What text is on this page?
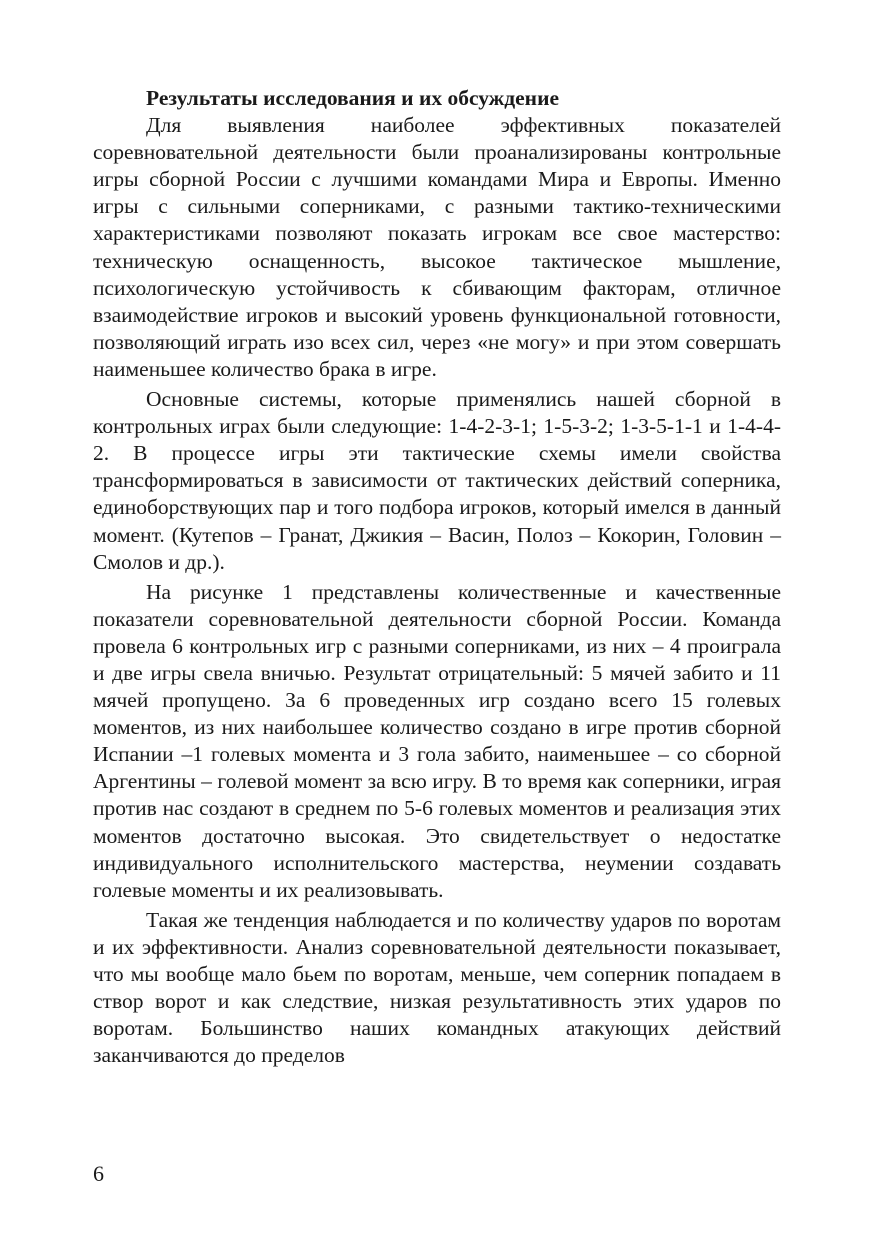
Результаты исследования и их обсуждение

Для выявления наиболее эффективных показателей соревновательной деятельности были проанализированы контрольные игры сборной России с лучшими командами Мира и Европы. Именно игры с сильными соперниками, с разными тактико-техническими характеристиками позволяют показать игрокам все свое мастерство: техническую оснащенность, высокое тактическое мышление, психологическую устойчивость к сбивающим факторам, отличное взаимодействие игроков и высокий уровень функциональной готовности, позволяющий играть изо всех сил, через «не могу» и при этом совершать наименьшее количество брака в игре.

Основные системы, которые применялись нашей сборной в контрольных играх были следующие: 1-4-2-3-1; 1-5-3-2; 1-3-5-1-1 и 1-4-4-2. В процессе игры эти тактические схемы имели свойства трансформироваться в зависимости от тактических действий соперника, единоборствующих пар и того подбора игроков, который имелся в данный момент. (Кутепов – Гранат, Джикия – Васин, Полоз – Кокорин, Головин – Смолов и др.).

На рисунке 1 представлены количественные и качественные показатели соревновательной деятельности сборной России. Команда провела 6 контрольных игр с разными соперниками, из них – 4 проиграла и две игры свела вничью. Результат отрицательный: 5 мячей забито и 11 мячей пропущено. За 6 проведенных игр создано всего 15 голевых моментов, из них наибольшее количество создано в игре против сборной Испании –1 голевых момента и 3 гола забито, наименьшее – со сборной Аргентины – голевой момент за всю игру. В то время как соперники, играя против нас создают в среднем по 5-6 голевых моментов и реализация этих моментов достаточно высокая. Это свидетельствует о недостатке индивидуального исполнительского мастерства, неумении создавать голевые моменты и их реализовывать.

Такая же тенденция наблюдается и по количеству ударов по воротам и их эффективности. Анализ соревновательной деятельности показывает, что мы вообще мало бьем по воротам, меньше, чем соперник попадаем в створ ворот и как следствие, низкая результативность этих ударов по воротам. Большинство наших командных атакующих действий заканчиваются до пределов

6
